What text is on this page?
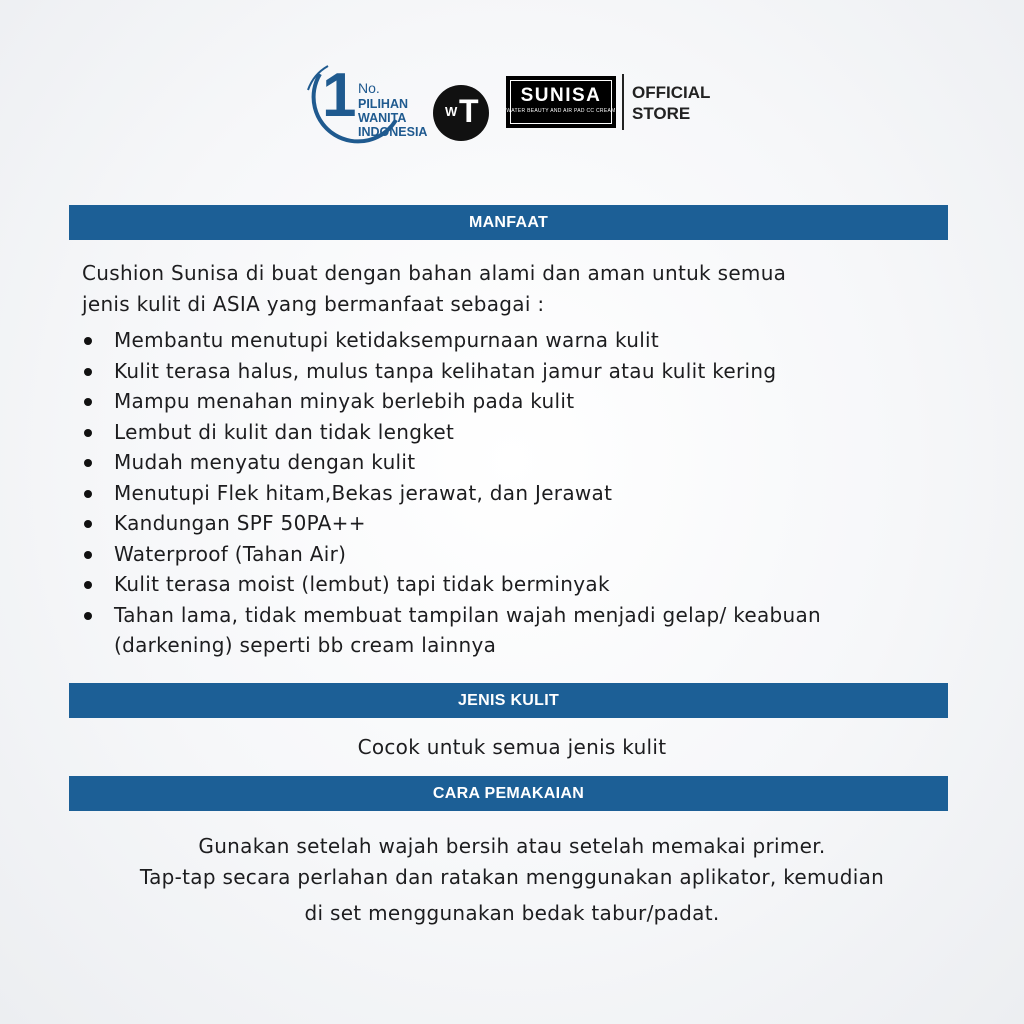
1 No.
PILIHAN
WANITA
INDONESIA
W T	SUNISA
WATER BEAUTY AND AIR PAD CC CREAM
OFFICIAL
STORE
MANFAAT
Cushion Sunisa di buat dengan bahan alami dan aman untuk semua
jenis kulit di ASIA yang bermanfaat sebagai :
Membantu menutupi ketidaksempurnaan warna kulit
Kulit terasa halus, mulus tanpa kelihatan jamur atau kulit kering
Mampu menahan minyak berlebih pada kulit
Lembut di kulit dan tidak lengket
Mudah menyatu dengan kulit
Menutupi Flek hitam,Bekas jerawat, dan Jerawat
Kandungan SPF 50PA++
Waterproof (Tahan Air)
Kulit terasa moist (lembut) tapi tidak berminyak
Tahan lama, tidak membuat tampilan wajah menjadi gelap/ keabuan
(darkening) seperti bb cream lainnya
JENIS KULIT
Cocok untuk semua jenis kulit
CARA PEMAKAIAN
Gunakan setelah wajah bersih atau setelah memakai primer.
Tap-tap secara perlahan dan ratakan menggunakan aplikator, kemudian
di set menggunakan bedak tabur/padat.
